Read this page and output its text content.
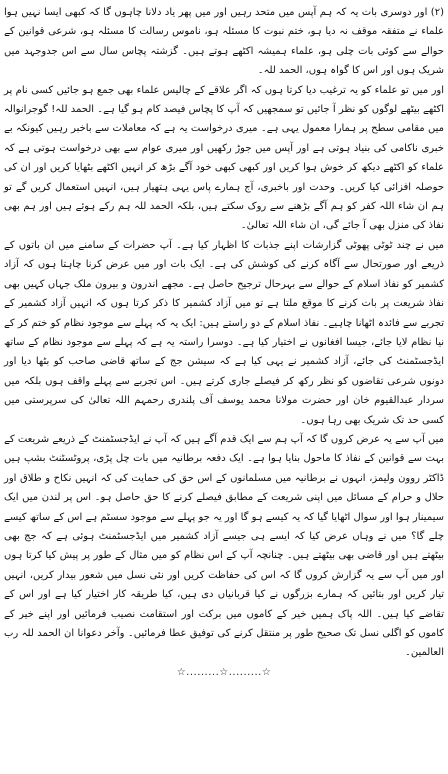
(۲) اور دوسری بات یہ کہ ہم آپس میں متحد رہیں اور میں پھر یاد دلانا چاہوں گا کہ کبھی ایسا نہیں ہوا علماء نے متفقہ موقف نہ دیا ہو، ختم نبوت کا مسئلہ ہو، ناموس رسالت کا مسئلہ ہو، شرعی قوانین کے حوالے سے کوئی بات چلی ہو، علماء ہمیشہ اکٹھے ہوتے ہیں۔ گزشتہ پچاس سال سے اس جدوجہد میں شریک ہوں اور اس کا گواہ ہوں، الحمد للہ۔

اور میں تو علماء کو یہ ترغیب دیا کرتا ہوں کہ اگر علاقے کے چالیس علماء بھی جمع ہو جائیں کسی نام پر اکٹھے بیٹھے لوگوں کو نظر آ جائیں تو سمجھیں کہ آپ کا پچاس فیصد کام ہو گیا ہے۔ الحمد للہ! گوجرانوالہ میں مقامی سطح پر ہمارا معمول یہی ہے۔ میری درخواست یہ ہے کہ معاملات سے باخبر رہیں کیونکہ بے خبری ناکامی کی بنیاد ہوتی ہے اور آپس میں جوڑ رکھیں اور میری عوام سے بھی درخواست ہوتی ہے کہ علماء کو اکٹھے دیکھ کر خوش ہوا کریں اور کبھی کبھی خود آگے بڑھ کر انہیں اکٹھے بٹھایا کریں اور ان کی حوصلہ افزائی کیا کریں۔ وحدت اور باخبری، آج ہمارے پاس یہی ہتھیار ہیں، انہیں استعمال کریں گے تو ہم ان شاء اللہ کفر کو ہم آگے بڑھنے سے روک سکتے ہیں، بلکہ الحمد للہ ہم رکے ہوئے ہیں اور ہم بھی نفاذ کی منزل بھی آ جائے گی، ان شاء اللہ تعالیٰ۔

میں نے چند ٹوٹی پھوٹی گزارشات اپنے جذبات کا اظہار کیا ہے۔ آپ حضرات کے سامنے میں ان باتوں کے ذریعے اور صورتحال سے آگاہ کرنے کی کوشش کی ہے۔ ایک بات اور میں عرض کرنا چاہتا ہوں کہ آزاد کشمیر کو نفاذ اسلام کے حوالے سے بہرحال ترجیح حاصل ہے۔ مجھے اندرون و بیرون ملک جہاں کہیں بھی نفاذ شریعت پر بات کرنے کا موقع ملتا ہے تو میں آزاد کشمیر کا ذکر کرتا ہوں کہ انہیں آزاد کشمیر کے تجربے سے فائدہ اٹھانا چاہیے۔ نفاذ اسلام کے دو راستے ہیں: ایک یہ کہ پہلے سے موجود نظام کو ختم کر کے نیا نظام لایا جائے، جیسا افغانوں نے اختیار کیا ہے۔ دوسرا راستہ یہ ہے کہ پہلے سے موجود نظام کے ساتھ ایڈجسٹمنٹ کی جائے، آزاد کشمیر نے یہی کیا ہے کہ سیشن جج کے ساتھ قاضی صاحب کو بٹھا دیا اور دونوں شرعی تقاضوں کو نظر رکھ کر فیصلے جاری کرتے ہیں۔ اس تجربے سے پہلے واقف ہوں بلکہ میں سردار عبدالقیوم خان اور حضرت مولانا محمد یوسف آف پلندری رحمہم اللہ تعالیٰ کی سرپرستی میں کسی حد تک شریک بھی رہا ہوں۔

میں آپ سے یہ عرض کروں گا کہ آپ ہم سے ایک قدم آگے ہیں کہ آپ نے ایڈجسٹمنٹ کے ذریعے شریعت کے بہت سے قوانین کے نفاذ کا ماحول بنایا ہوا ہے۔ ایک دفعہ برطانیہ میں بات چل پڑی، پروٹسٹنٹ بشپ ہیں ڈاکٹر روون ولیمز، انہوں نے برطانیہ میں مسلمانوں کے اس حق کی حمایت کی کہ انہیں نکاح و طلاق اور حلال و حرام کے مسائل میں اپنی شریعت کے مطابق فیصلے کرنے کا حق حاصل ہو۔ اس پر لندن میں ایک سیمینار ہوا اور سوال اٹھایا گیا کہ یہ کیسے ہو گا اور یہ جو پہلے سے موجود سسٹم ہے اس کے ساتھ کیسے چلے گا؟ میں نے وہاں عرض کیا کہ ایسے ہی جیسے آزاد کشمیر میں ایڈجسٹمنٹ ہوئی ہے کہ جج بھی بیٹھتے ہیں اور قاضی بھی بیٹھتے ہیں۔ چنانچہ آپ کے اس نظام کو میں مثال کے طور پر پیش کیا کرتا ہوں اور میں آپ سے یہ گزارش کروں گا کہ اس کی حفاظت کریں اور نئی نسل میں شعور بیدار کریں، انہیں تیار کریں اور بتائیں کہ ہمارے بزرگوں نے کیا قربانیاں دی ہیں، کیا طریقہ کار اختیار کیا ہے اور اس کے تقاضے کیا ہیں۔ اللہ پاک ہمیں خیر کے کاموں میں برکت اور استقامت نصیب فرمائیں اور اپنے خیر کے کاموں کو اگلی نسل تک صحیح طور پر منتقل کرنے کی توفیق عطا فرمائیں۔ وآخر دعوانا ان الحمد للہ رب العالمین۔

☆.........☆.........☆
